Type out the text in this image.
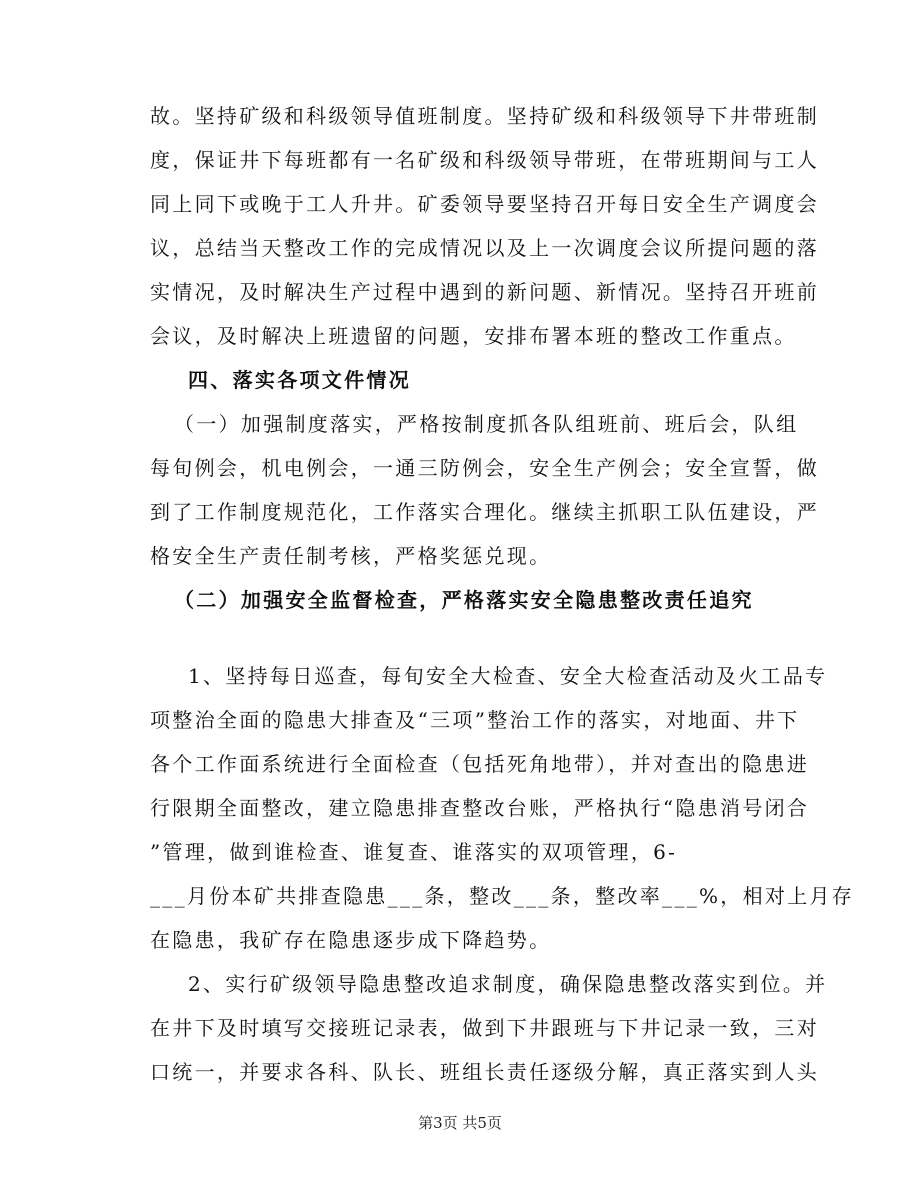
故。坚持矿级和科级领导值班制度。坚持矿级和科级领导下井带班制
度，保证井下每班都有一名矿级和科级领导带班，在带班期间与工人
同上同下或晚于工人升井。矿委领导要坚持召开每日安全生产调度会
议，总结当天整改工作的完成情况以及上一次调度会议所提问题的落
实情况，及时解决生产过程中遇到的新问题、新情况。坚持召开班前
会议，及时解决上班遗留的问题，安排布署本班的整改工作重点。
四、落实各项文件情况
（一）加强制度落实，严格按制度抓各队组班前、班后会，队组
每旬例会，机电例会，一通三防例会，安全生产例会；安全宣誓，做
到了工作制度规范化，工作落实合理化。继续主抓职工队伍建设，严
格安全生产责任制考核，严格奖惩兑现。
（二）加强安全监督检查，严格落实安全隐患整改责任追究
1、坚持每日巡查，每旬安全大检查、安全大检查活动及火工品专
项整治全面的隐患大排查及“三项”整治工作的落实，对地面、井下
各个工作面系统进行全面检查（包括死角地带），并对查出的隐患进
行限期全面整改，建立隐患排查整改台账，严格执行“隐患消号闭合
”管理，做到谁检查、谁复查、谁落实的双项管理，6-
___月份本矿共排查隐患___条，整改___条，整改率___%，相对上月存
在隐患，我矿存在隐患逐步成下降趋势。
2、实行矿级领导隐患整改追求制度，确保隐患整改落实到位。并
在井下及时填写交接班记录表，做到下井跟班与下井记录一致，三对
口统一，并要求各科、队长、班组长责任逐级分解，真正落实到人头
第3页 共5页
